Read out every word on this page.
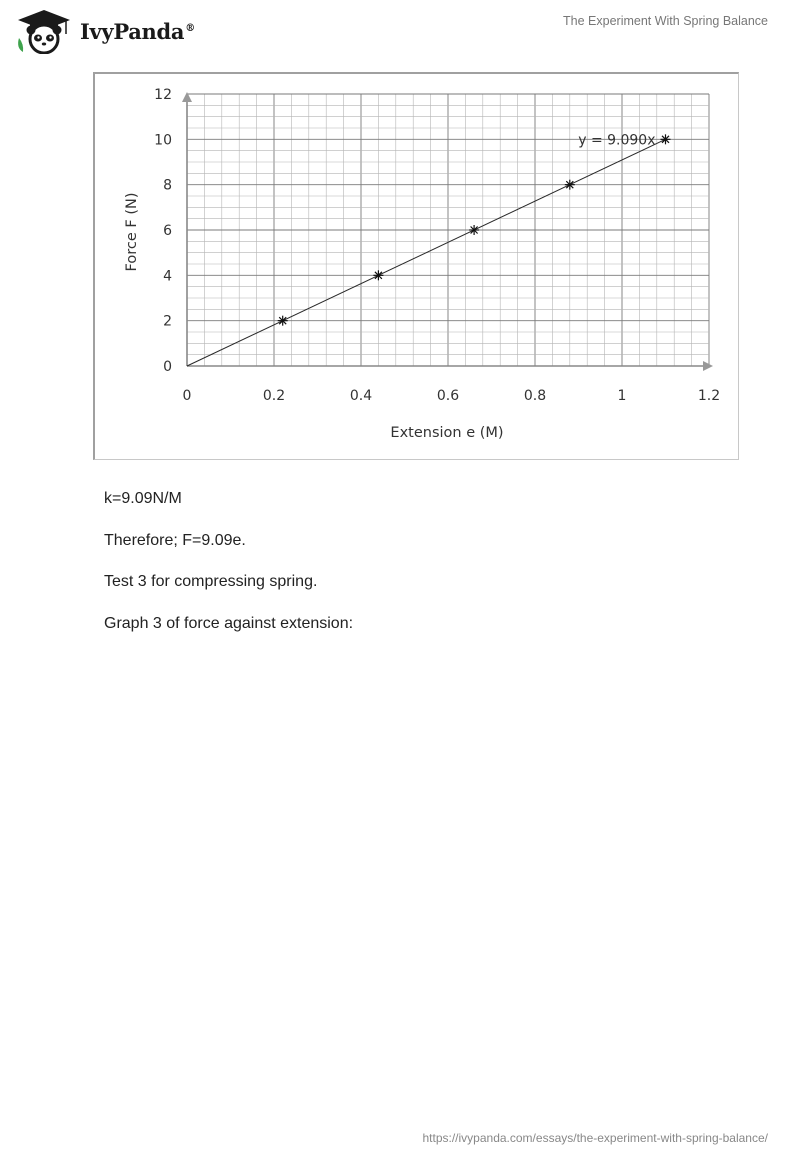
IvyPanda®	The Experiment With Spring Balance
0	0.2	0.4	0.6	0.8	1	1.2
0
2
4
6
8
10
12
y = 9.090x
Extension e (M)
Force F (N)

k=9.09N/M

Therefore; F=9.09e.

Test 3 for compressing spring.

Graph 3 of force against extension:

https://ivypanda.com/essays/the-experiment-with-spring-balance/
